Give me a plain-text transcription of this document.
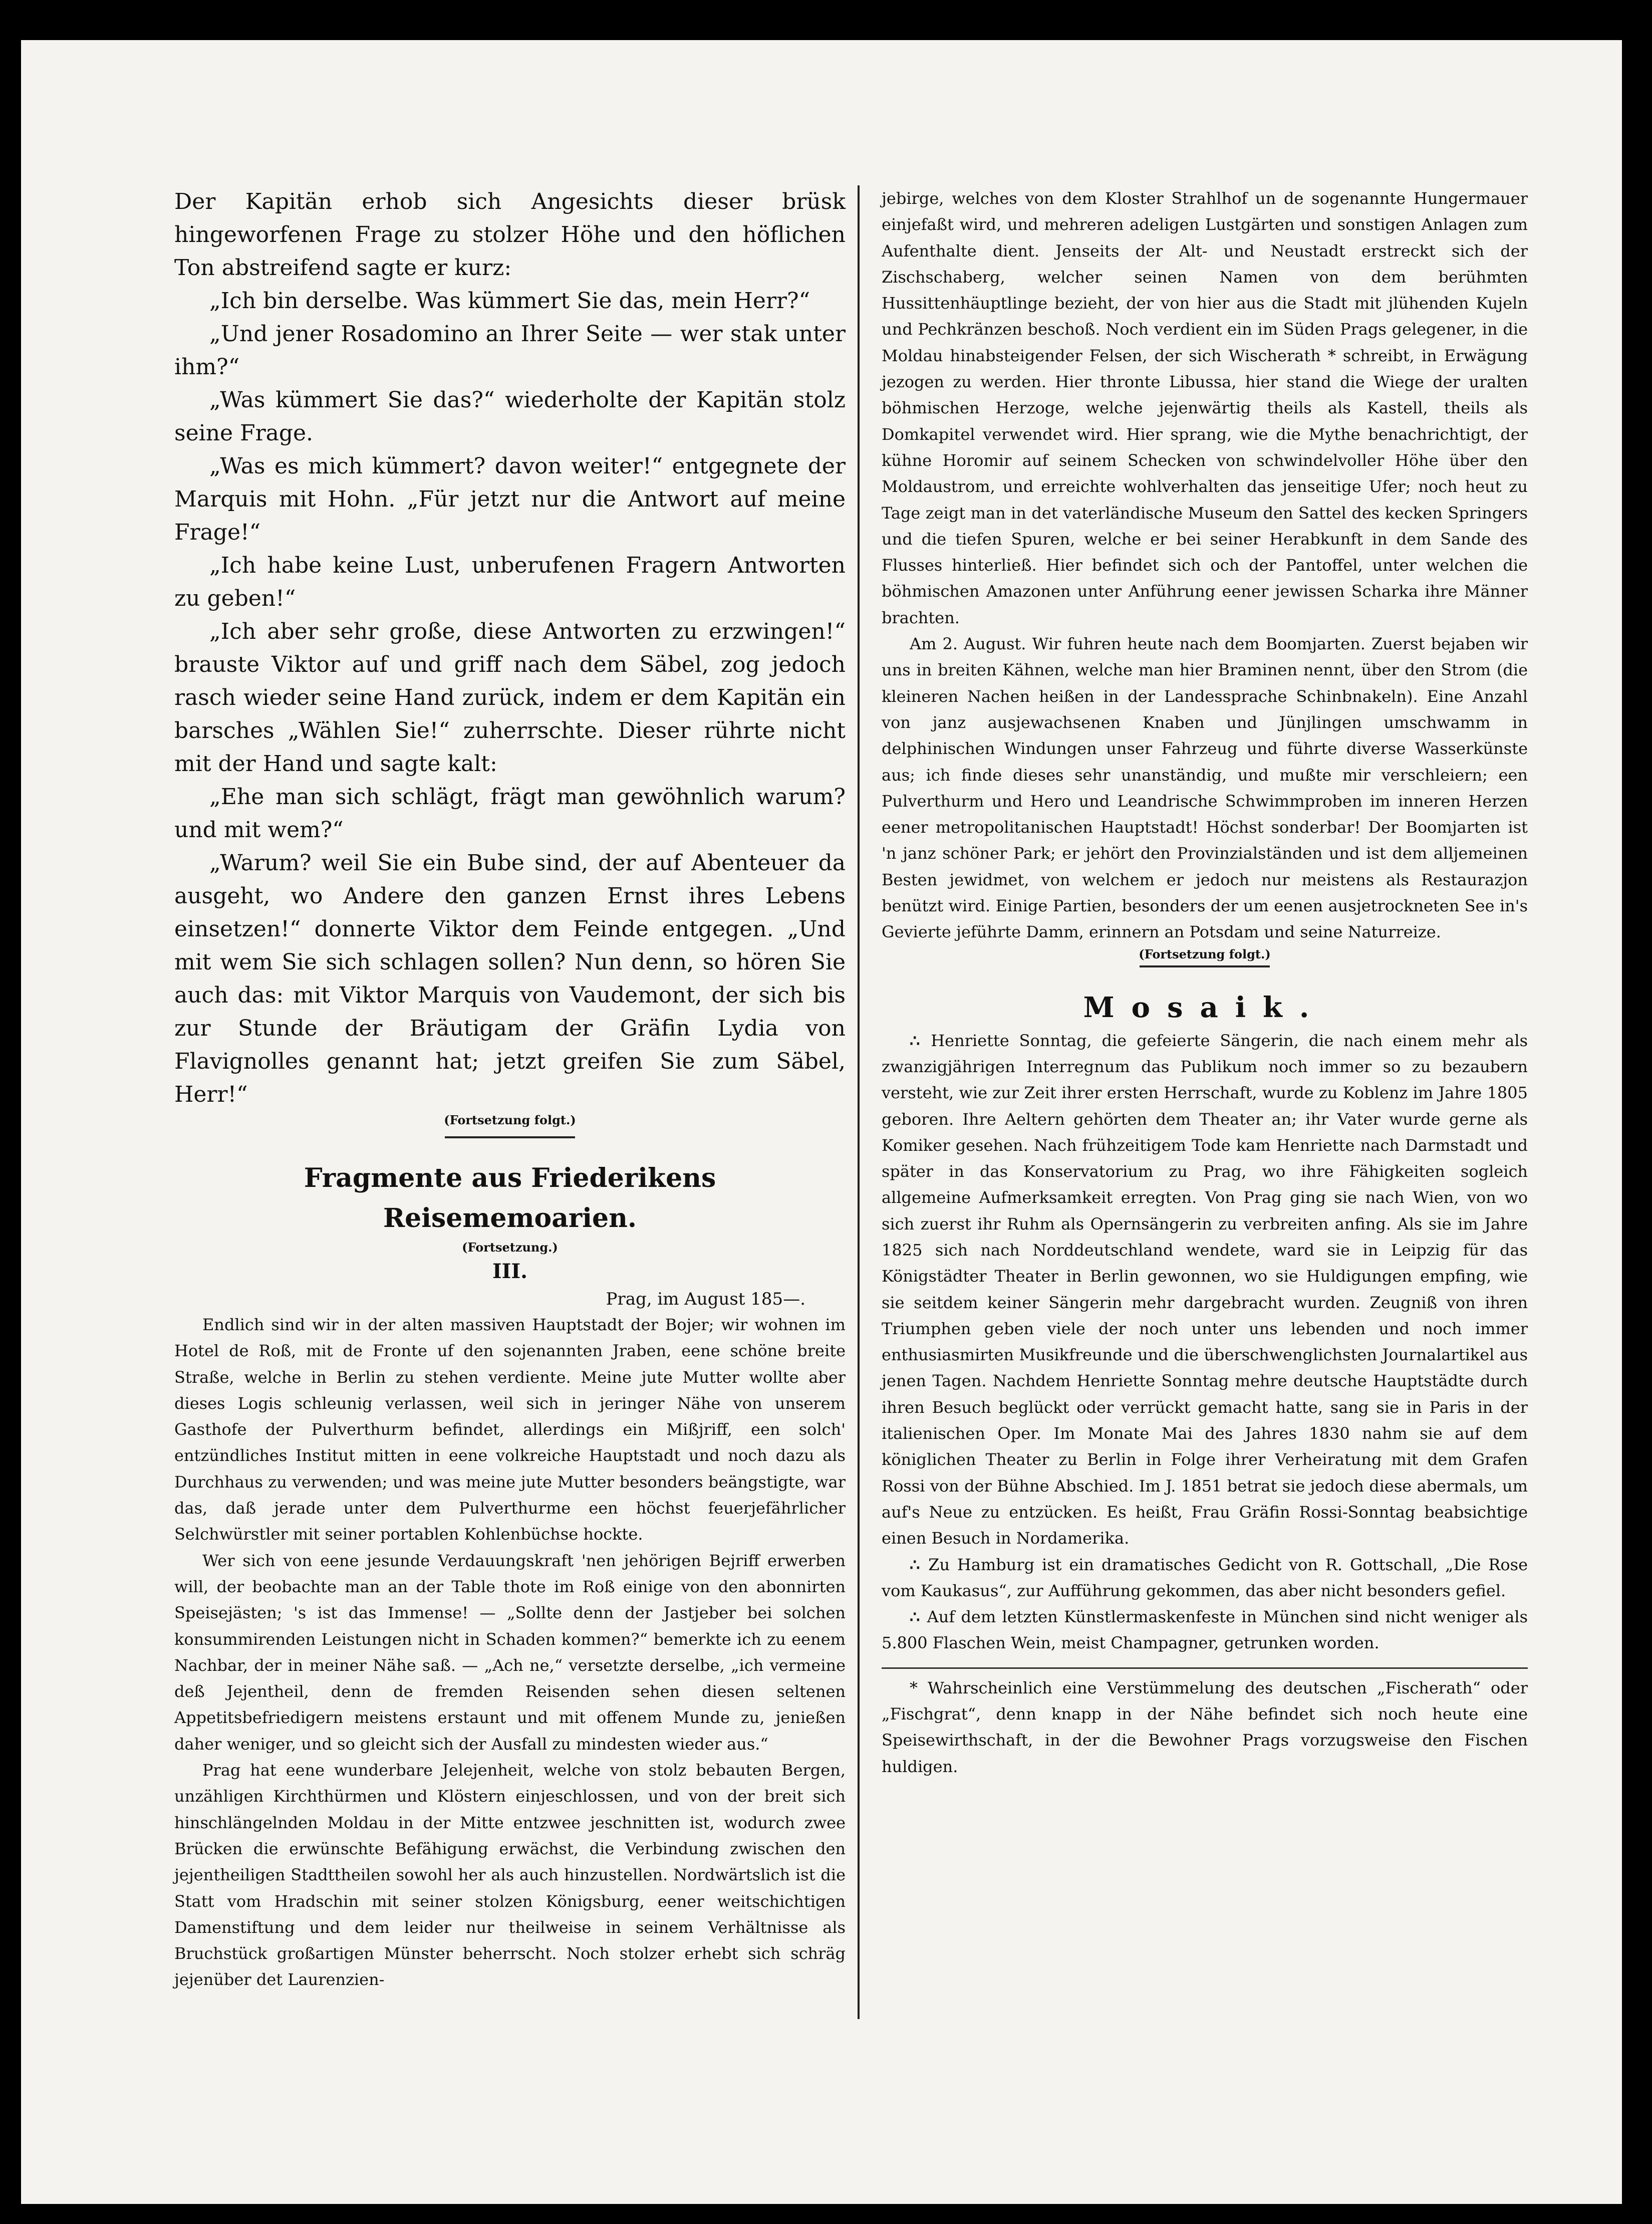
Der Kapitän erhob sich Angesichts dieser brüsk hingeworfenen Frage zu stolzer Höhe und den höflichen Ton abstreifend sagte er kurz:

„Ich bin derselbe. Was kümmert Sie das, mein Herr?“

„Und jener Rosadomino an Ihrer Seite — wer stak unter ihm?“

„Was kümmert Sie das?“ wiederholte der Kapitän stolz seine Frage.

„Was es mich kümmert? davon weiter!“ entgegnete der Marquis mit Hohn. „Für jetzt nur die Antwort auf meine Frage!“

„Ich habe keine Lust, unberufenen Fragern Antworten zu geben!“

„Ich aber sehr große, diese Antworten zu erzwingen!“ brauste Viktor auf und griff nach dem Säbel, zog jedoch rasch wieder seine Hand zurück, indem er dem Kapitän ein barsches „Wählen Sie!“ zuherrschte. Dieser rührte nicht mit der Hand und sagte kalt:

„Ehe man sich schlägt, frägt man gewöhnlich warum? und mit wem?“

„Warum? weil Sie ein Bube sind, der auf Abenteuer da ausgeht, wo Andere den ganzen Ernst ihres Lebens einsetzen!“ donnerte Viktor dem Feinde entgegen. „Und mit wem Sie sich schlagen sollen? Nun denn, so hören Sie auch das: mit Viktor Marquis von Vaudemont, der sich bis zur Stunde der Bräutigam der Gräfin Lydia von Flavignolles genannt hat; jetzt greifen Sie zum Säbel, Herr!“

(Fortsetzung folgt.)
Fragmente aus Friederikens Reisememoarien.
(Fortsetzung.)
III.
Prag, im August 185—.

Endlich sind wir in der alten massiven Hauptstadt der Bojer; wir wohnen im Hotel de Roß, mit de Fronte uf den sojenannten Jraben, eene schöne breite Straße, welche in Berlin zu stehen verdiente. Meine jute Mutter wollte aber dieses Logis schleunig verlassen, weil sich in jeringer Nähe von unserem Gasthofe der Pulverthurm befindet, allerdings ein Mißjriff, een solch' entzündliches Institut mitten in eene volkreiche Hauptstadt und noch dazu als Durchhaus zu verwenden; und was meine jute Mutter besonders beängstigte, war das, daß jerade unter dem Pulverthurme een höchst feuerjefährlicher Selchwürstler mit seiner portablen Kohlenbüchse hockte.

Wer sich von eene jesunde Verdauungskraft 'nen jehörigen Bejriff erwerben will, der beobachte man an der Table thote im Roß einige von den abonnirten Speisejästen; 's ist das Immense! — „Sollte denn der Jastjeber bei solchen konsummirenden Leistungen nicht in Schaden kommen?“ bemerkte ich zu eenem Nachbar, der in meiner Nähe saß. — „Ach ne,“ versetzte derselbe, „ich vermeine deß Jejentheil, denn de fremden Reisenden sehen diesen seltenen Appetitsbefriedigern meistens erstaunt und mit offenem Munde zu, jenießen daher weniger, und so gleicht sich der Ausfall zu mindesten wieder aus.“

Prag hat eene wunderbare Jelejenheit, welche von stolz bebauten Bergen, unzähligen Kirchthürmen und Klöstern einjeschlossen, und von der breit sich hinschlängelnden Moldau in der Mitte entzwee jeschnitten ist, wodurch zwee Brücken die erwünschte Befähigung erwächst, die Verbindung zwischen den jejentheiligen Stadttheilen sowohl her als auch hinzustellen. Nordwärtslich ist die Statt vom Hradschin mit seiner stolzen Königsburg, eener weitschichtigen Damenstiftung und dem leider nur theilweise in seinem Verhältnisse als Bruchstück großartigen Münster beherrscht. Noch stolzer erhebt sich schräg jejenüber det Laurenzien-

jebirge, welches von dem Kloster Strahlhof un de sogenannte Hungermauer einjefaßt wird, und mehreren adeligen Lustgärten und sonstigen Anlagen zum Aufenthalte dient. Jenseits der Alt- und Neustadt erstreckt sich der Zischschaberg, welcher seinen Namen von dem berühmten Hussittenhäuptlinge bezieht, der von hier aus die Stadt mit jlühenden Kujeln und Pechkränzen beschoß. Noch verdient ein im Süden Prags gelegener, in die Moldau hinabsteigender Felsen, der sich Wischerath * schreibt, in Erwägung jezogen zu werden. Hier thronte Libussa, hier stand die Wiege der uralten böhmischen Herzoge, welche jejenwärtig theils als Kastell, theils als Domkapitel verwendet wird. Hier sprang, wie die Mythe benachrichtigt, der kühne Horomir auf seinem Schecken von schwindelvoller Höhe über den Moldaustrom, und erreichte wohlverhalten das jenseitige Ufer; noch heut zu Tage zeigt man in det vaterländische Museum den Sattel des kecken Springers und die tiefen Spuren, welche er bei seiner Herabkunft in dem Sande des Flusses hinterließ. Hier befindet sich och der Pantoffel, unter welchen die böhmischen Amazonen unter Anführung eener jewissen Scharka ihre Männer brachten.

Am 2. August. Wir fuhren heute nach dem Boomjarten. Zuerst bejaben wir uns in breiten Kähnen, welche man hier Braminen nennt, über den Strom (die kleineren Nachen heißen in der Landessprache Schinbnakeln). Eine Anzahl von janz ausjewachsenen Knaben und Jünjlingen umschwamm in delphinischen Windungen unser Fahrzeug und führte diverse Wasserkünste aus; ich finde dieses sehr unanständig, und mußte mir verschleiern; een Pulverthurm und Hero und Leandrische Schwimmproben im inneren Herzen eener metropolitanischen Hauptstadt! Höchst sonderbar! Der Boomjarten ist 'n janz schöner Park; er jehört den Provinzialständen und ist dem alljemeinen Besten jewidmet, von welchem er jedoch nur meistens als Restaurazjon benützt wird. Einige Partien, besonders der um eenen ausjetrockneten See in's Gevierte jeführte Damm, erinnern an Potsdam und seine Naturreize.

(Fortsetzung folgt.)
Mosaik.

∴ Henriette Sonntag, die gefeierte Sängerin, die nach einem mehr als zwanzigjährigen Interregnum das Publikum noch immer so zu bezaubern versteht, wie zur Zeit ihrer ersten Herrschaft, wurde zu Koblenz im Jahre 1805 geboren. Ihre Aeltern gehörten dem Theater an; ihr Vater wurde gerne als Komiker gesehen. Nach frühzeitigem Tode kam Henriette nach Darmstadt und später in das Konservatorium zu Prag, wo ihre Fähigkeiten sogleich allgemeine Aufmerksamkeit erregten. Von Prag ging sie nach Wien, von wo sich zuerst ihr Ruhm als Opernsängerin zu verbreiten anfing. Als sie im Jahre 1825 sich nach Norddeutschland wendete, ward sie in Leipzig für das Königstädter Theater in Berlin gewonnen, wo sie Huldigungen empfing, wie sie seitdem keiner Sängerin mehr dargebracht wurden. Zeugniß von ihren Triumphen geben viele der noch unter uns lebenden und noch immer enthusiasmirten Musikfreunde und die überschwenglichsten Journalartikel aus jenen Tagen. Nachdem Henriette Sonntag mehre deutsche Hauptstädte durch ihren Besuch beglückt oder verrückt gemacht hatte, sang sie in Paris in der italienischen Oper. Im Monate Mai des Jahres 1830 nahm sie auf dem königlichen Theater zu Berlin in Folge ihrer Verheiratung mit dem Grafen Rossi von der Bühne Abschied. Im J. 1851 betrat sie jedoch diese abermals, um auf's Neue zu entzücken. Es heißt, Frau Gräfin Rossi-Sonntag beabsichtige einen Besuch in Nordamerika.

∴ Zu Hamburg ist ein dramatisches Gedicht von R. Gottschall, „Die Rose vom Kaukasus“, zur Aufführung gekommen, das aber nicht besonders gefiel.

∴ Auf dem letzten Künstlermaskenfeste in München sind nicht weniger als 5.800 Flaschen Wein, meist Champagner, getrunken worden.

* Wahrscheinlich eine Verstümmelung des deutschen „Fischerath“ oder „Fischgrat“, denn knapp in der Nähe befindet sich noch heute eine Speisewirthschaft, in der die Bewohner Prags vorzugsweise den Fischen huldigen.
